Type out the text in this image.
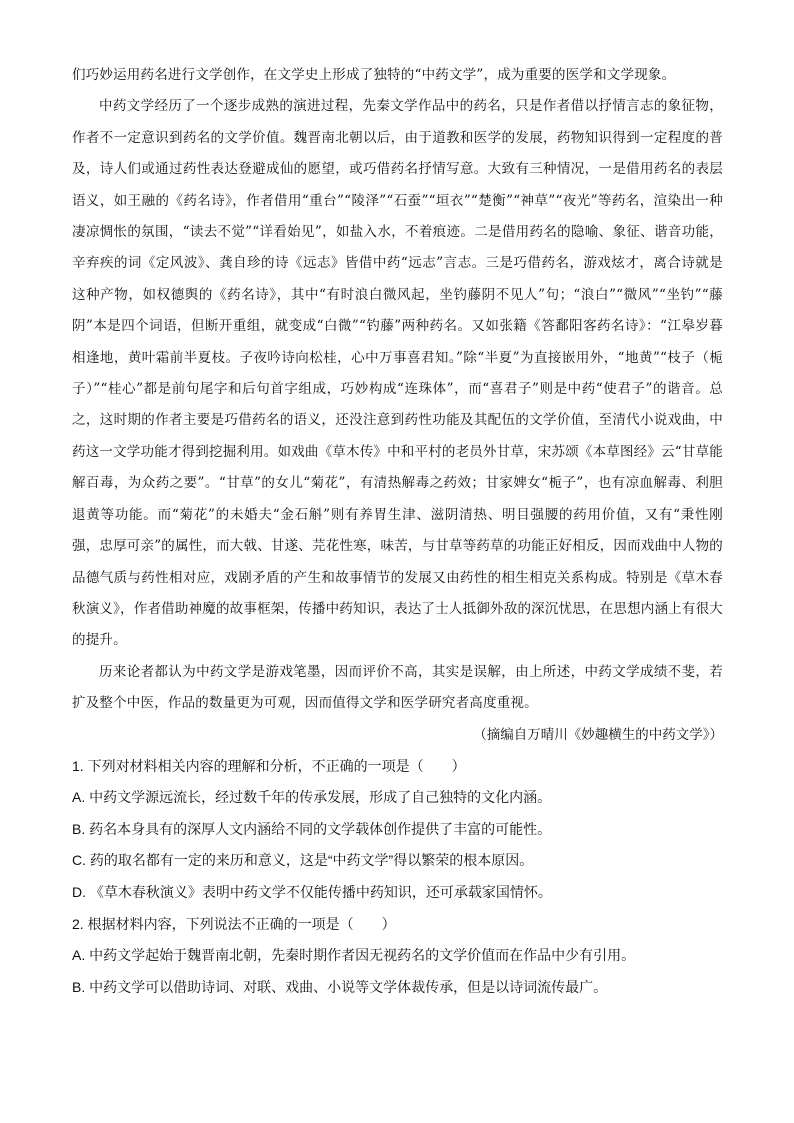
们巧妙运用药名进行文学创作，在文学史上形成了独特的“中药文学”，成为重要的医学和文学现象。

中药文学经历了一个逐步成熟的演进过程，先秦文学作品中的药名，只是作者借以抒情言志的象征物，作者不一定意识到药名的文学价值。魏晋南北朝以后，由于道教和医学的发展，药物知识得到一定程度的普及，诗人们或通过药性表达登避成仙的愿望，或巧借药名抒情写意。大致有三种情况，一是借用药名的表层语义，如王融的《药名诗》，作者借用“重台”“陵泽”“石蚕”“垣衣”“楚衡”“神草”“夜光”等药名，渲染出一种凄凉惆怅的氛围，“读去不觉”“详看始见”，如盐入水，不着痕迹。二是借用药名的隐喻、象征、谐音功能，辛弃疾的词《定风波》、龚自珍的诗《远志》皆借中药“远志”言志。三是巧借药名，游戏炫才，离合诗就是这种产物，如权德舆的《药名诗》，其中“有时浪白微风起，坐钓藤阴不见人”句；“浪白”“微风”“坐钓”“藤阴”本是四个词语，但断开重组，就变成“白微”“钓藤”两种药名。又如张籍《答鄱阳客药名诗》：“江皋岁暮相逢地，黄叶霜前半夏枝。子夜吟诗向松桂，心中万事喜君知。”除“半夏”为直接嵌用外，“地黄”“枝子（栀子）”“桂心”都是前句尾字和后句首字组成，巧妙构成“连珠体”，而“喜君子”则是中药“使君子”的谐音。总之，这时期的作者主要是巧借药名的语义，还没注意到药性功能及其配伍的文学价值，至清代小说戏曲，中药这一文学功能才得到挖掘利用。如戏曲《草木传》中和平村的老员外甘草，宋苏颂《本草图经》云“甘草能解百毒，为众药之要”。“甘草”的女儿“菊花”，有清热解毒之药效；甘家婢女“栀子”，也有凉血解毒、利胆退黄等功能。而“菊花”的未婚夫“金石斛”则有养胃生津、滋阴清热、明目强腰的药用价值，又有“秉性刚强，忠厚可亲”的属性，而大戟、甘遂、芫花性寒，味苦，与甘草等药草的功能正好相反，因而戏曲中人物的品德气质与药性相对应，戏剧矛盾的产生和故事情节的发展又由药性的相生相克关系构成。特别是《草木春秋演义》，作者借助神魔的故事框架，传播中药知识，表达了士人抵御外敌的深沉忧思，在思想内涵上有很大的提升。

历来论者都认为中药文学是游戏笔墨，因而评价不高，其实是误解，由上所述，中药文学成绩不斐，若扩及整个中医，作品的数量更为可观，因而值得文学和医学研究者高度重视。

（摘编自万晴川《妙趣横生的中药文学》）

1. 下列对材料相关内容的理解和分析，不正确的一项是（　　）

A. 中药文学源远流长，经过数千年的传承发展，形成了自己独特的文化内涵。

B. 药名本身具有的深厚人文内涵给不同的文学载体创作提供了丰富的可能性。

C. 药的取名都有一定的来历和意义，这是“中药文学”得以繁荣的根本原因。

D. 《草木春秋演义》表明中药文学不仅能传播中药知识，还可承载家国情怀。

2. 根据材料内容，下列说法不正确的一项是（　　）

A. 中药文学起始于魏晋南北朝，先秦时期作者因无视药名的文学价值而在作品中少有引用。

B. 中药文学可以借助诗词、对联、戏曲、小说等文学体裁传承，但是以诗词流传最广。
